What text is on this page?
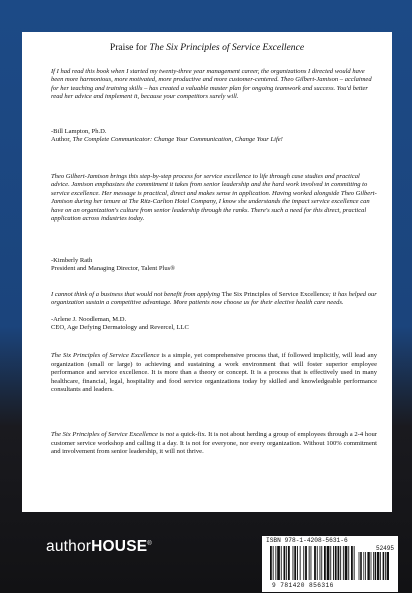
Praise for The Six Principles of Service Excellence
If I had read this book when I started my twenty-three year management career, the organizations I directed would have been more harmonious, more motivated, more productive and more customer-centered. Theo Gilbert-Jamison – acclaimed for her teaching and training skills – has created a valuable master plan for ongoing teamwork and success. You'd better read her advice and implement it, because your competitors surely will.
-Bill Lampton, Ph.D.
Author, The Complete Communicator: Change Your Communication, Change Your Life!
Theo Gilbert-Jamison brings this step-by-step process for service excellence to life through case studies and practical advice. Jamison emphasizes the commitment it takes from senior leadership and the hard work involved in committing to service excellence. Her message is practical, direct and makes sense in application. Having worked alongside Theo Gilbert-Jamison during her tenure at The Ritz-Carlton Hotel Company, I know she understands the impact service excellence can have on an organization's culture from senior leadership through the ranks. There's such a need for this direct, practical application across industries today.
-Kimberly Rath
President and Managing Director, Talent Plus®
I cannot think of a business that would not benefit from applying The Six Principles of Service Excellence; it has helped our organization sustain a competitive advantage. More patients now choose us for their elective health care needs.
-Arlene J. Noodleman, M.D.
CEO, Age Defying Dermatology and Revercel, LLC
The Six Principles of Service Excellence is a simple, yet comprehensive process that, if followed implicitly, will lead any organization (small or large) to achieving and sustaining a work environment that will foster superior employee performance and service excellence. It is more than a theory or concept. It is a process that is effectively used in many healthcare, financial, legal, hospitality and food service organizations today by skilled and knowledgeable performance consultants and leaders.
The Six Principles of Service Excellence is not a quick-fix. It is not about herding a group of employees through a 2-4 hour customer service workshop and calling it a day. It is not for everyone, nor every organization. Without 100% commitment and involvement from senior leadership, it will not thrive.
authorHOUSE®	ISBN 978-1-4208-5631-6
52495
9 781420 856316
